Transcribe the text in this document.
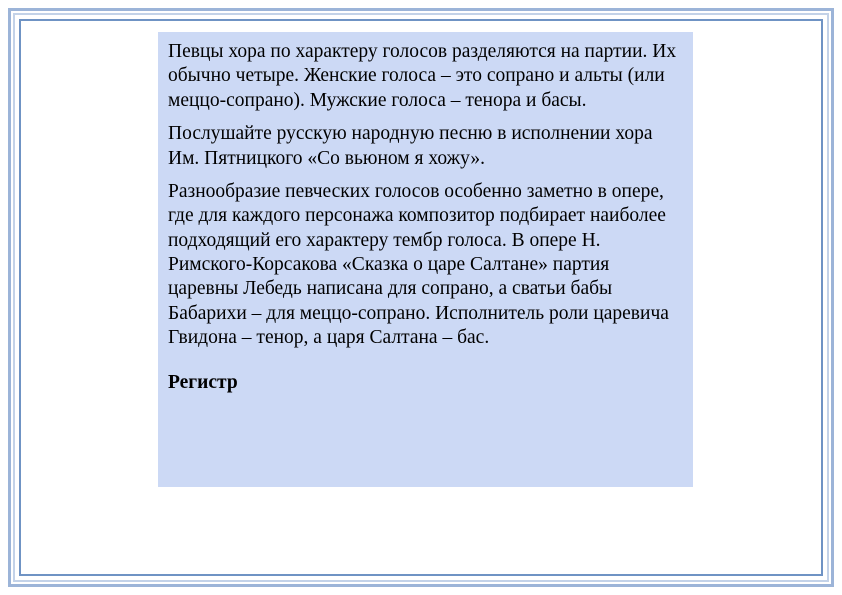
Певцы хора по характеру голосов разделяются на партии. Их обычно четыре. Женские голоса – это сопрано и альты (или меццо-сопрано). Мужские голоса – тенора и басы.

Послушайте русскую народную песню в исполнении хора Им. Пятницкого «Со вьюном я хожу».

Разнообразие певческих голосов особенно заметно в опере, где для каждого персонажа композитор подбирает наиболее подходящий его характеру тембр голоса. В опере Н. Римского-Корсакова «Сказка о царе Салтане» партия царевны Лебедь написана для сопрано, а сватьи бабы Бабарихи – для меццо-сопрано. Исполнитель роли царевича Гвидона – тенор, а царя Салтана – бас.

Регистр
